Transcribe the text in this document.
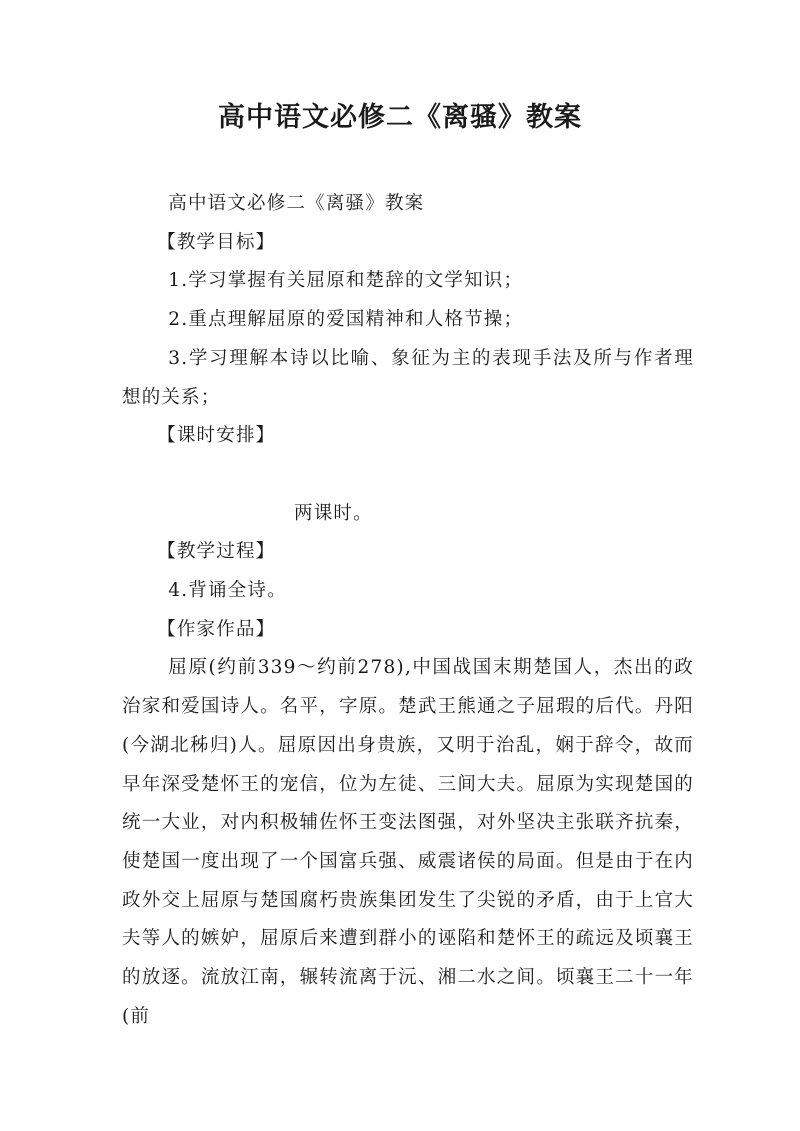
高中语文必修二《离骚》教案

高中语文必修二《离骚》教案

【教学目标】

1.学习掌握有关屈原和楚辞的文学知识；

2.重点理解屈原的爱国精神和人格节操；

3.学习理解本诗以比喻、象征为主的表现手法及所与作者理想的关系；

【课时安排】

两课时。

【教学过程】

4.背诵全诗。

【作家作品】

屈原(约前339～约前278),中国战国末期楚国人，杰出的政治家和爱国诗人。名平，字原。楚武王熊通之子屈瑕的后代。丹阳(今湖北秭归)人。屈原因出身贵族，又明于治乱，娴于辞令，故而早年深受楚怀王的宠信，位为左徒、三间大夫。屈原为实现楚国的统一大业，对内积极辅佐怀王变法图强，对外坚决主张联齐抗秦，使楚国一度出现了一个国富兵强、威震诸侯的局面。但是由于在内政外交上屈原与楚国腐朽贵族集团发生了尖锐的矛盾，由于上官大夫等人的嫉妒，屈原后来遭到群小的诬陷和楚怀王的疏远及顷襄王的放逐。流放江南，辗转流离于沅、湘二水之间。顷襄王二十一年(前
